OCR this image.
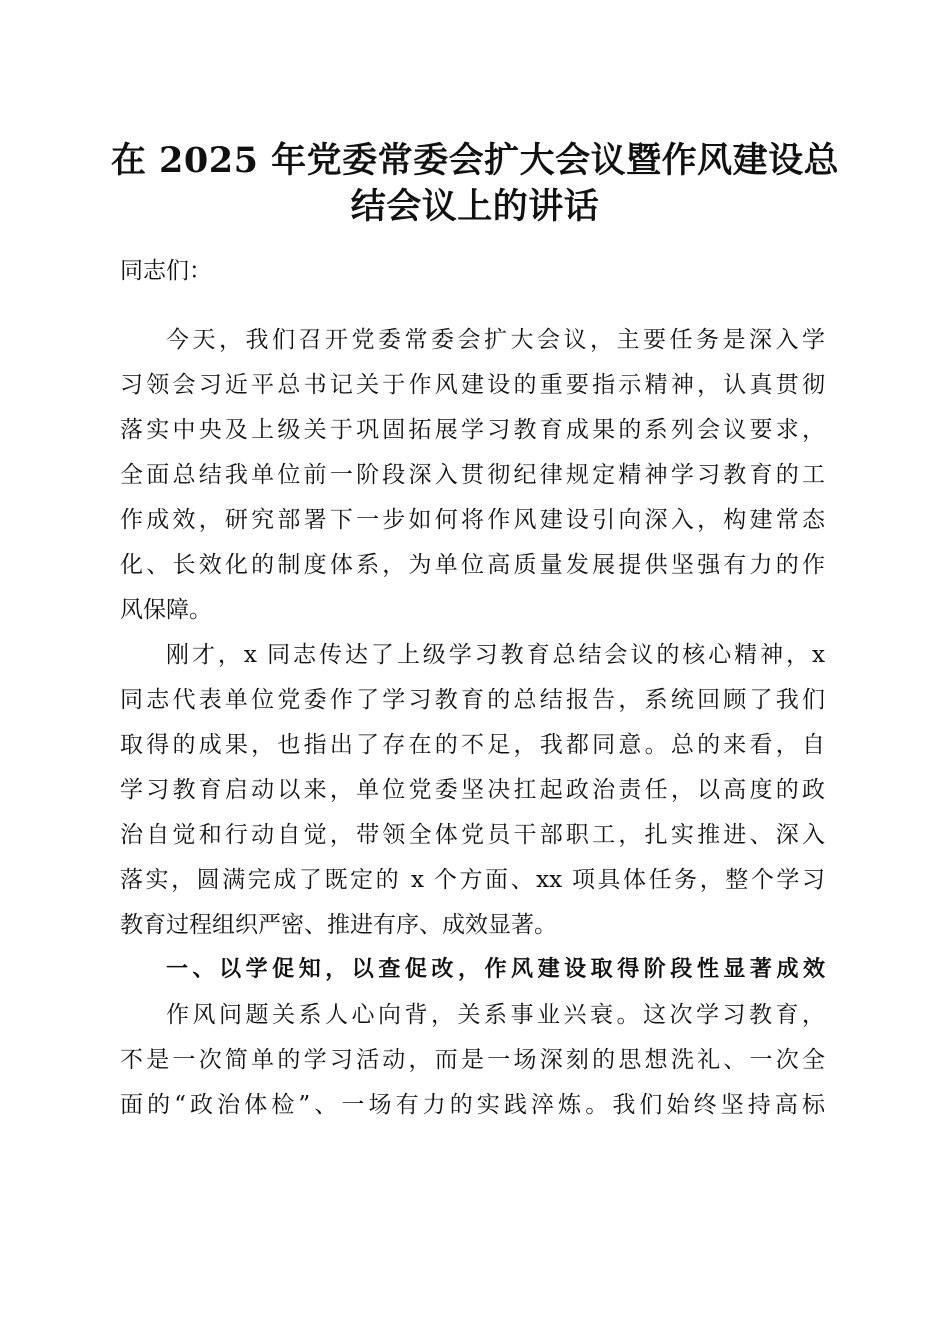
在 2025 年党委常委会扩大会议暨作风建设总
结会议上的讲话
同志们：
今天，我们召开党委常委会扩大会议，主要任务是深入学
习领会习近平总书记关于作风建设的重要指示精神，认真贯彻
落实中央及上级关于巩固拓展学习教育成果的系列会议要求，
全面总结我单位前一阶段深入贯彻纪律规定精神学习教育的工
作成效，研究部署下一步如何将作风建设引向深入，构建常态
化、长效化的制度体系，为单位高质量发展提供坚强有力的作
风保障。
刚才，x 同志传达了上级学习教育总结会议的核心精神，x
同志代表单位党委作了学习教育的总结报告，系统回顾了我们
取得的成果，也指出了存在的不足，我都同意。总的来看，自
学习教育启动以来，单位党委坚决扛起政治责任，以高度的政
治自觉和行动自觉，带领全体党员干部职工，扎实推进、深入
落实，圆满完成了既定的 x 个方面、xx 项具体任务，整个学习
教育过程组织严密、推进有序、成效显著。
一、以学促知，以查促改，作风建设取得阶段性显著成效
作风问题关系人心向背，关系事业兴衰。这次学习教育，
不是一次简单的学习活动，而是一场深刻的思想洗礼、一次全
面的“政治体检”、一场有力的实践淬炼。我们始终坚持高标
